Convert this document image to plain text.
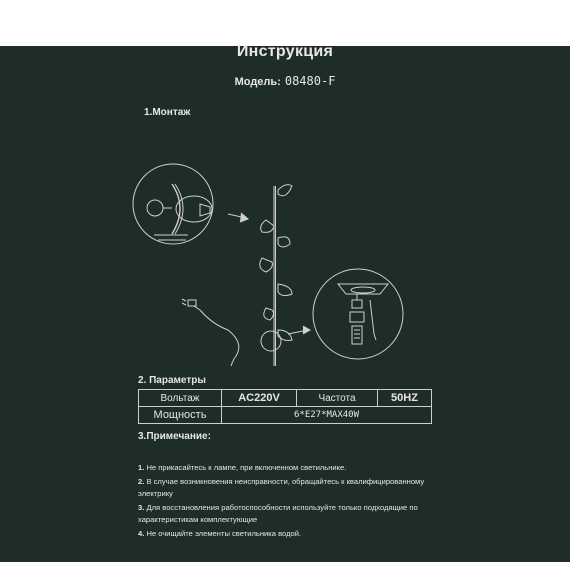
Инструкция
Модель: 08480-F
1.Монтаж
2. Параметры
Вольтаж	AC220V	Частота	50HZ
Мощность	6*E27*MAX40W		
3.Примечание:
1. Не прикасайтесь к лампе, при включенном светильнике.
2. В случае возникновения неисправности, обращайтесь к квалифицированному электрику
3. Для восстановления работоспособности используйте только подходящие по характеристикам комплектующие
4. Не очищайте элементы светильника водой.
